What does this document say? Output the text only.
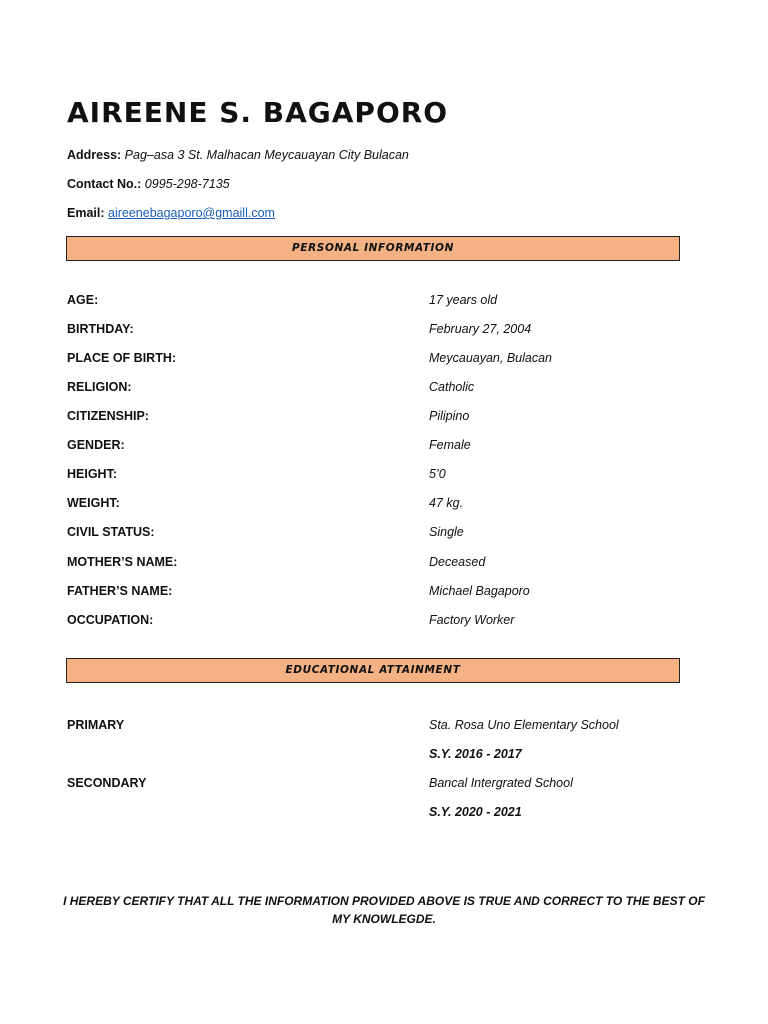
AIREENE S. BAGAPORO
Address: Pag–asa 3 St. Malhacan Meycauayan City Bulacan
Contact No.: 0995-298-7135
Email: aireenebagaporo@gmaill.com
PERSONAL INFORMATION
AGE:	17 years old
BIRTHDAY:	February 27, 2004
PLACE OF BIRTH:	Meycauayan, Bulacan
RELIGION:	Catholic
CITIZENSHIP:	Pilipino
GENDER:	Female
HEIGHT:	5’0
WEIGHT:	47 kg.
CIVIL STATUS:	Single
MOTHER’S NAME:	Deceased
FATHER’S NAME:	Michael Bagaporo
OCCUPATION:	Factory Worker
EDUCATIONAL ATTAINMENT
PRIMARY	Sta. Rosa Uno Elementary School
S.Y. 2016 - 2017
SECONDARY	Bancal Intergrated School
S.Y. 2020 - 2021
I HEREBY CERTIFY THAT ALL THE INFORMATION PROVIDED ABOVE IS TRUE AND CORRECT TO THE BEST OF MY KNOWLEGDE.
